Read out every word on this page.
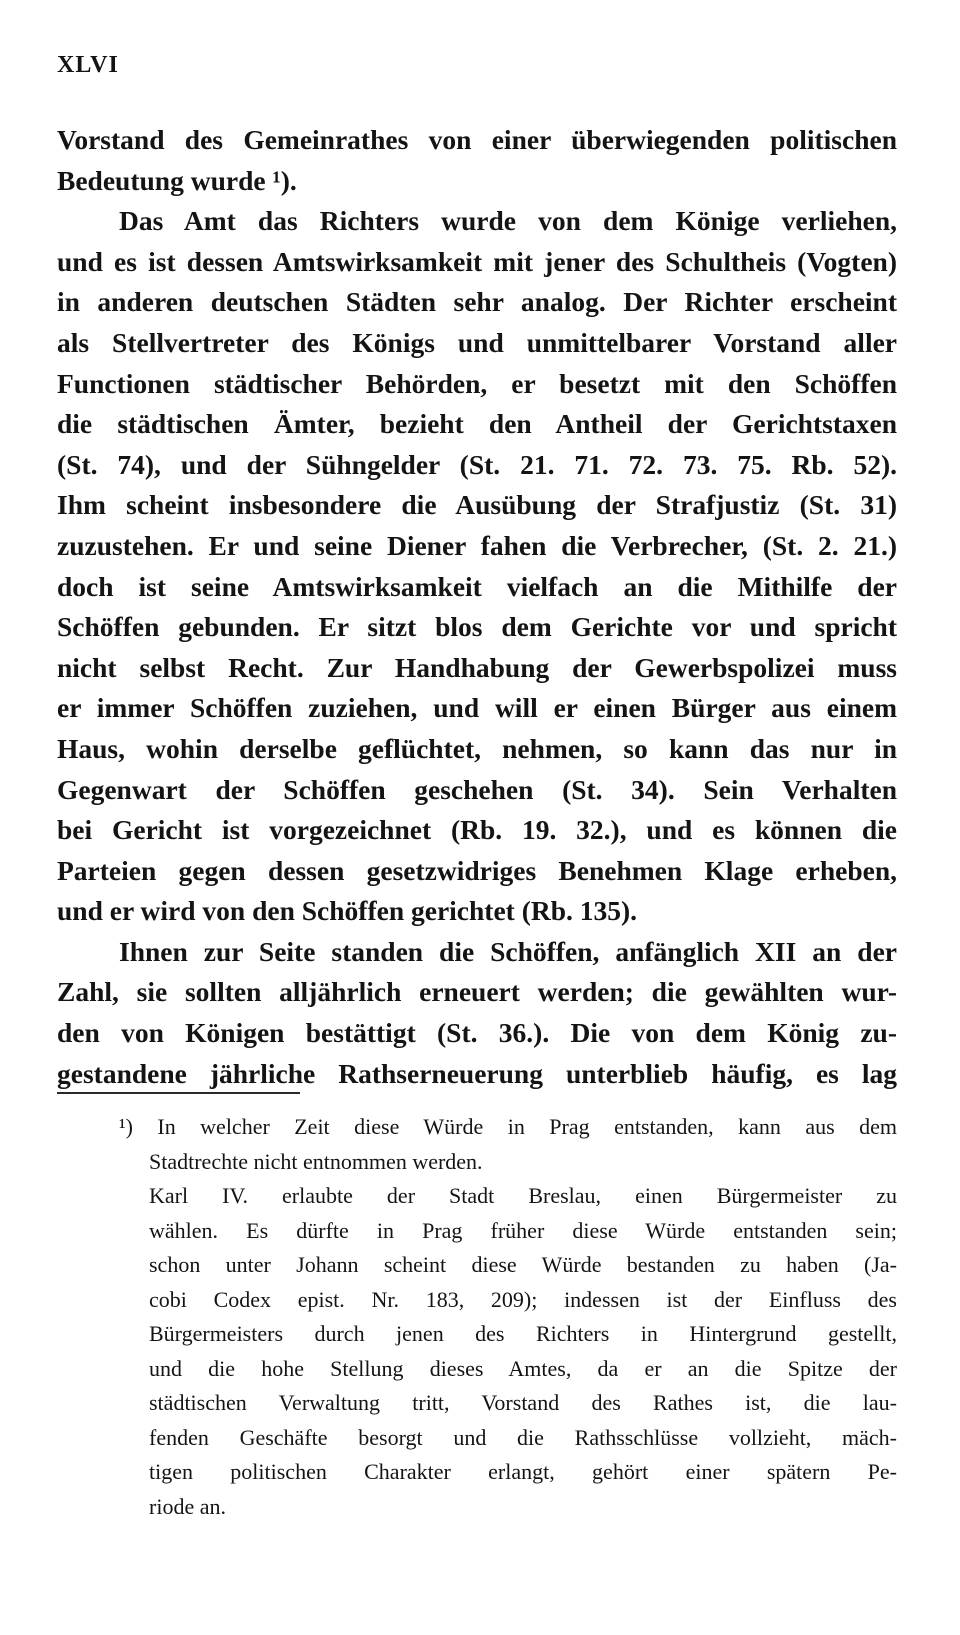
XLVI
Vorstand des Gemeinrathes von einer überwiegenden politischen
Bedeutung wurde ¹).
Das Amt das Richters wurde von dem Könige verliehen,
und es ist dessen Amtswirksamkeit mit jener des Schultheis (Vogten)
in anderen deutschen Städten sehr analog. Der Richter erscheint
als Stellvertreter des Königs und unmittelbarer Vorstand aller
Functionen städtischer Behörden, er besetzt mit den Schöffen
die städtischen Ämter, bezieht den Antheil der Gerichtstaxen
(St. 74), und der Sühngelder (St. 21. 71. 72. 73. 75. Rb. 52).
Ihm scheint insbesondere die Ausübung der Strafjustiz (St. 31)
zuzustehen. Er und seine Diener fahen die Verbrecher, (St. 2. 21.)
doch ist seine Amtswirksamkeit vielfach an die Mithilfe der
Schöffen gebunden. Er sitzt blos dem Gerichte vor und spricht
nicht selbst Recht. Zur Handhabung der Gewerbspolizei muss
er immer Schöffen zuziehen, und will er einen Bürger aus einem
Haus, wohin derselbe geflüchtet, nehmen, so kann das nur in
Gegenwart der Schöffen geschehen (St. 34). Sein Verhalten
bei Gericht ist vorgezeichnet (Rb. 19. 32.), und es können die
Parteien gegen dessen gesetzwidriges Benehmen Klage erheben,
und er wird von den Schöffen gerichtet (Rb. 135).
Ihnen zur Seite standen die Schöffen, anfänglich XII an der
Zahl, sie sollten alljährlich erneuert werden; die gewählten wur-
den von Königen bestättigt (St. 36.). Die von dem König zu-
gestandene jährliche Rathserneuerung unterblieb häufig, es lag
¹) In welcher Zeit diese Würde in Prag entstanden, kann aus dem
Stadtrechte nicht entnommen werden.
Karl IV. erlaubte der Stadt Breslau, einen Bürgermeister zu
wählen. Es dürfte in Prag früher diese Würde entstanden sein;
schon unter Johann scheint diese Würde bestanden zu haben (Ja-
cobi Codex epist. Nr. 183, 209); indessen ist der Einfluss des
Bürgermeisters durch jenen des Richters in Hintergrund gestellt,
und die hohe Stellung dieses Amtes, da er an die Spitze der
städtischen Verwaltung tritt, Vorstand des Rathes ist, die lau-
fenden Geschäfte besorgt und die Rathsschlüsse vollzieht, mäch-
tigen politischen Charakter erlangt, gehört einer spätern Pe-
riode an.
